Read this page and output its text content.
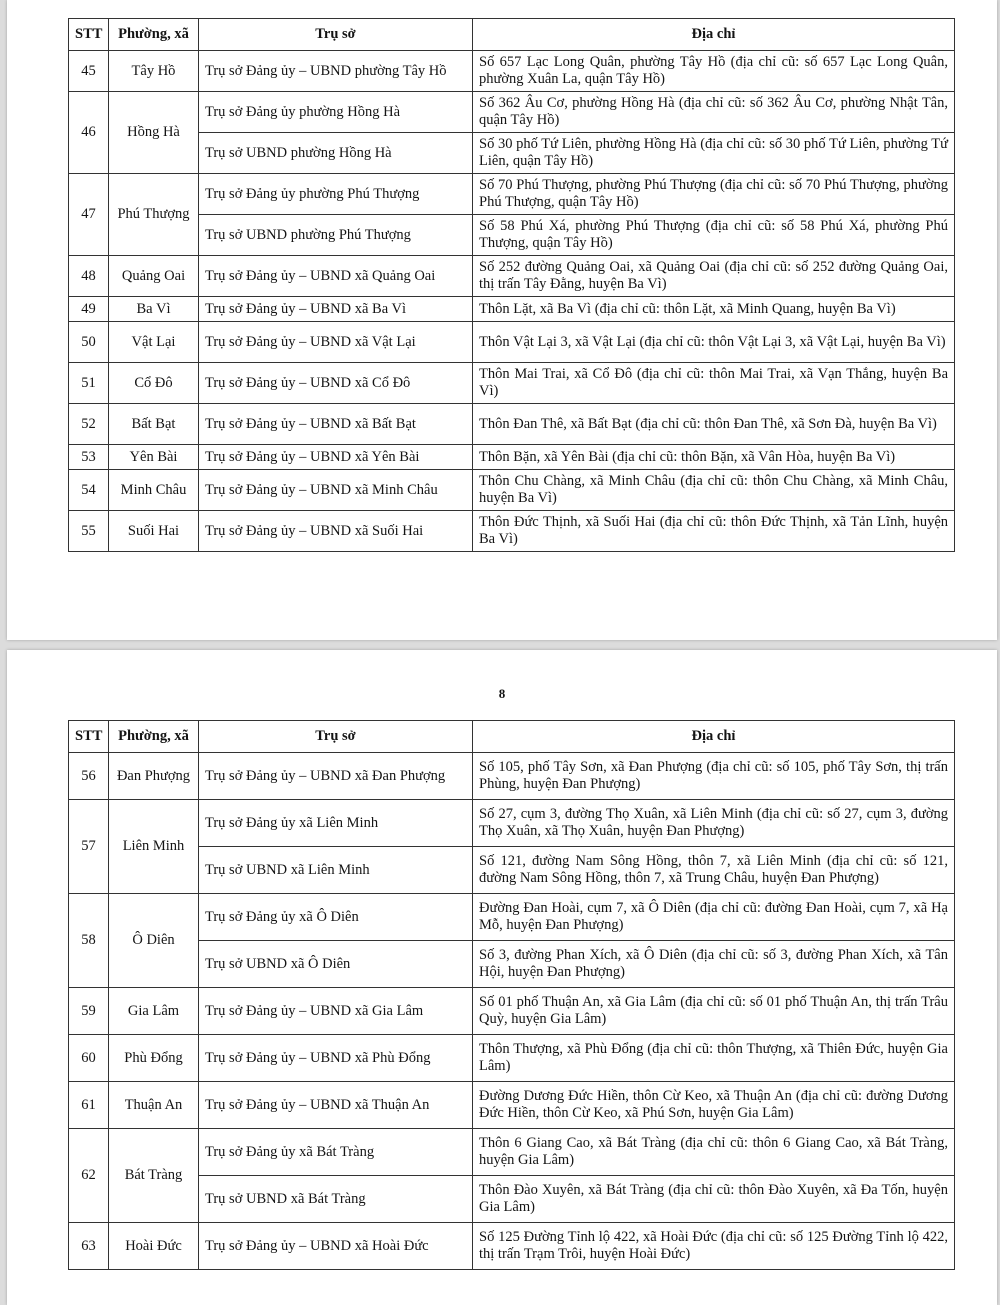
STT	Phường, xã	Trụ sở	Địa chỉ
45	Tây Hồ	Trụ sở Đảng ủy – UBND phường Tây Hồ	Số 657 Lạc Long Quân, phường Tây Hồ (địa chỉ cũ: số 657 Lạc Long Quân, phường Xuân La, quận Tây Hồ)
46	Hồng Hà	Trụ sở Đảng ủy phường Hồng Hà	Số 362 Âu Cơ, phường Hồng Hà (địa chỉ cũ: số 362 Âu Cơ, phường Nhật Tân, quận Tây Hồ)
		Trụ sở UBND phường Hồng Hà	Số 30 phố Tứ Liên, phường Hồng Hà (địa chỉ cũ: số 30 phố Tứ Liên, phường Tứ Liên, quận Tây Hồ)
47	Phú Thượng	Trụ sở Đảng ủy phường Phú Thượng	Số 70 Phú Thượng, phường Phú Thượng (địa chỉ cũ: số 70 Phú Thượng, phường Phú Thượng, quận Tây Hồ)
		Trụ sở UBND phường Phú Thượng	Số 58 Phú Xá, phường Phú Thượng (địa chỉ cũ: số 58 Phú Xá, phường Phú Thượng, quận Tây Hồ)
48	Quảng Oai	Trụ sở Đảng ủy – UBND xã Quảng Oai	Số 252 đường Quảng Oai, xã Quảng Oai (địa chỉ cũ: số 252 đường Quảng Oai, thị trấn Tây Đằng, huyện Ba Vì)
49	Ba Vì	Trụ sở Đảng ủy – UBND xã Ba Vì	Thôn Lặt, xã Ba Vì (địa chỉ cũ: thôn Lặt, xã Minh Quang, huyện Ba Vì)
50	Vật Lại	Trụ sở Đảng ủy – UBND xã Vật Lại	Thôn Vật Lại 3, xã Vật Lại (địa chỉ cũ: thôn Vật Lại 3, xã Vật Lại, huyện Ba Vì)
51	Cổ Đô	Trụ sở Đảng ủy – UBND xã Cổ Đô	Thôn Mai Trai, xã Cổ Đô (địa chỉ cũ: thôn Mai Trai, xã Vạn Thắng, huyện Ba Vì)
52	Bất Bạt	Trụ sở Đảng ủy – UBND xã Bất Bạt	Thôn Đan Thê, xã Bất Bạt (địa chỉ cũ: thôn Đan Thê, xã Sơn Đà, huyện Ba Vì)
53	Yên Bài	Trụ sở Đảng ủy – UBND xã Yên Bài	Thôn Bặn, xã Yên Bài (địa chỉ cũ: thôn Bặn, xã Vân Hòa, huyện Ba Vì)
54	Minh Châu	Trụ sở Đảng ủy – UBND xã Minh Châu	Thôn Chu Chàng, xã Minh Châu (địa chỉ cũ: thôn Chu Chàng, xã Minh Châu, huyện Ba Vì)
55	Suối Hai	Trụ sở Đảng ủy – UBND xã Suối Hai	Thôn Đức Thịnh, xã Suối Hai (địa chỉ cũ: thôn Đức Thịnh, xã Tản Lĩnh, huyện Ba Vì)
8
STT	Phường, xã	Trụ sở	Địa chỉ
56	Đan Phượng	Trụ sở Đảng ủy – UBND xã Đan Phượng	Số 105, phố Tây Sơn, xã Đan Phượng (địa chỉ cũ: số 105, phố Tây Sơn, thị trấn Phùng, huyện Đan Phượng)
57	Liên Minh	Trụ sở Đảng ủy xã Liên Minh	Số 27, cụm 3, đường Thọ Xuân, xã Liên Minh (địa chỉ cũ: số 27, cụm 3, đường Thọ Xuân, xã Thọ Xuân, huyện Đan Phượng)
		Trụ sở UBND xã Liên Minh	Số 121, đường Nam Sông Hồng, thôn 7, xã Liên Minh (địa chỉ cũ: số 121, đường Nam Sông Hồng, thôn 7, xã Trung Châu, huyện Đan Phượng)
58	Ô Diên	Trụ sở Đảng ủy xã Ô Diên	Đường Đan Hoài, cụm 7, xã Ô Diên (địa chỉ cũ: đường Đan Hoài, cụm 7, xã Hạ Mỗ, huyện Đan Phượng)
		Trụ sở UBND xã Ô Diên	Số 3, đường Phan Xích, xã Ô Diên (địa chỉ cũ: số 3, đường Phan Xích, xã Tân Hội, huyện Đan Phượng)
59	Gia Lâm	Trụ sở Đảng ủy – UBND xã Gia Lâm	Số 01 phố Thuận An, xã Gia Lâm (địa chỉ cũ: số 01 phố Thuận An, thị trấn Trâu Quỳ, huyện Gia Lâm)
60	Phù Đổng	Trụ sở Đảng ủy – UBND xã Phù Đổng	Thôn Thượng, xã Phù Đổng (địa chỉ cũ: thôn Thượng, xã Thiên Đức, huyện Gia Lâm)
61	Thuận An	Trụ sở Đảng ủy – UBND xã Thuận An	Đường Dương Đức Hiền, thôn Cừ Keo, xã Thuận An (địa chỉ cũ: đường Dương Đức Hiền, thôn Cừ Keo, xã Phú Sơn, huyện Gia Lâm)
62	Bát Tràng	Trụ sở Đảng ủy xã Bát Tràng	Thôn 6 Giang Cao, xã Bát Tràng (địa chỉ cũ: thôn 6 Giang Cao, xã Bát Tràng, huyện Gia Lâm)
		Trụ sở UBND xã Bát Tràng	Thôn Đào Xuyên, xã Bát Tràng (địa chỉ cũ: thôn Đào Xuyên, xã Đa Tốn, huyện Gia Lâm)
63	Hoài Đức	Trụ sở Đảng ủy – UBND xã Hoài Đức	Số 125 Đường Tỉnh lộ 422, xã Hoài Đức (địa chỉ cũ: số 125 Đường Tỉnh lộ 422, thị trấn Trạm Trôi, huyện Hoài Đức)
